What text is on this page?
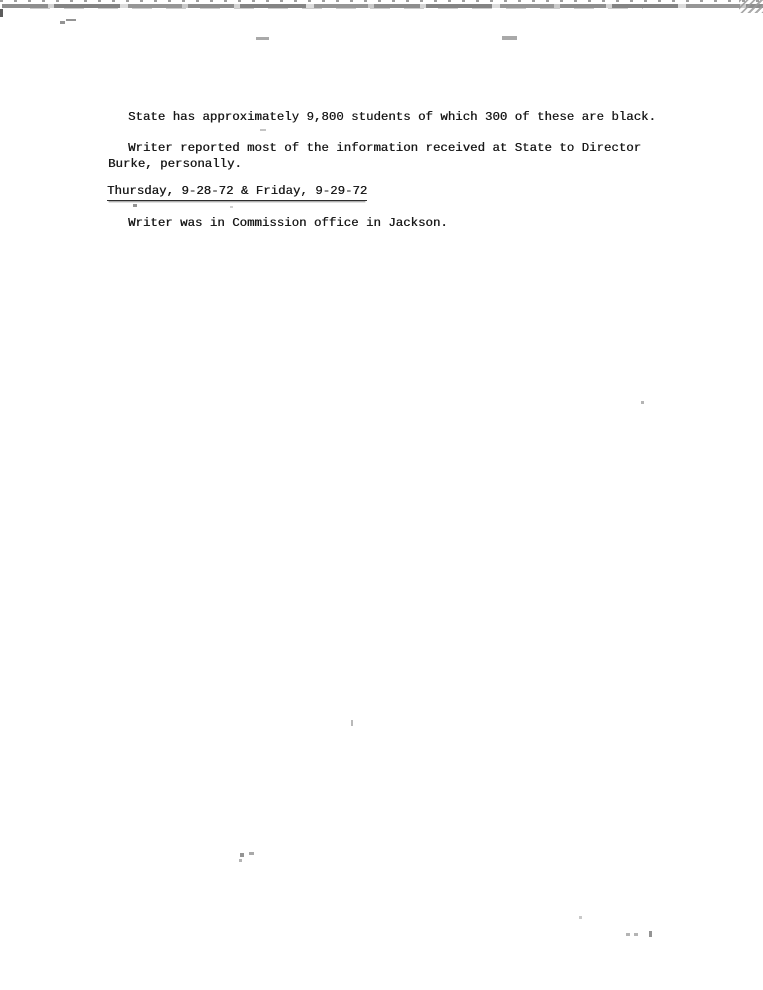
State has approximately 9,800 students of which 300 of these are black.
Writer reported most of the information received at State to Director
Burke, personally.
Thursday, 9-28-72 & Friday, 9-29-72
Writer was in Commission office in Jackson.
